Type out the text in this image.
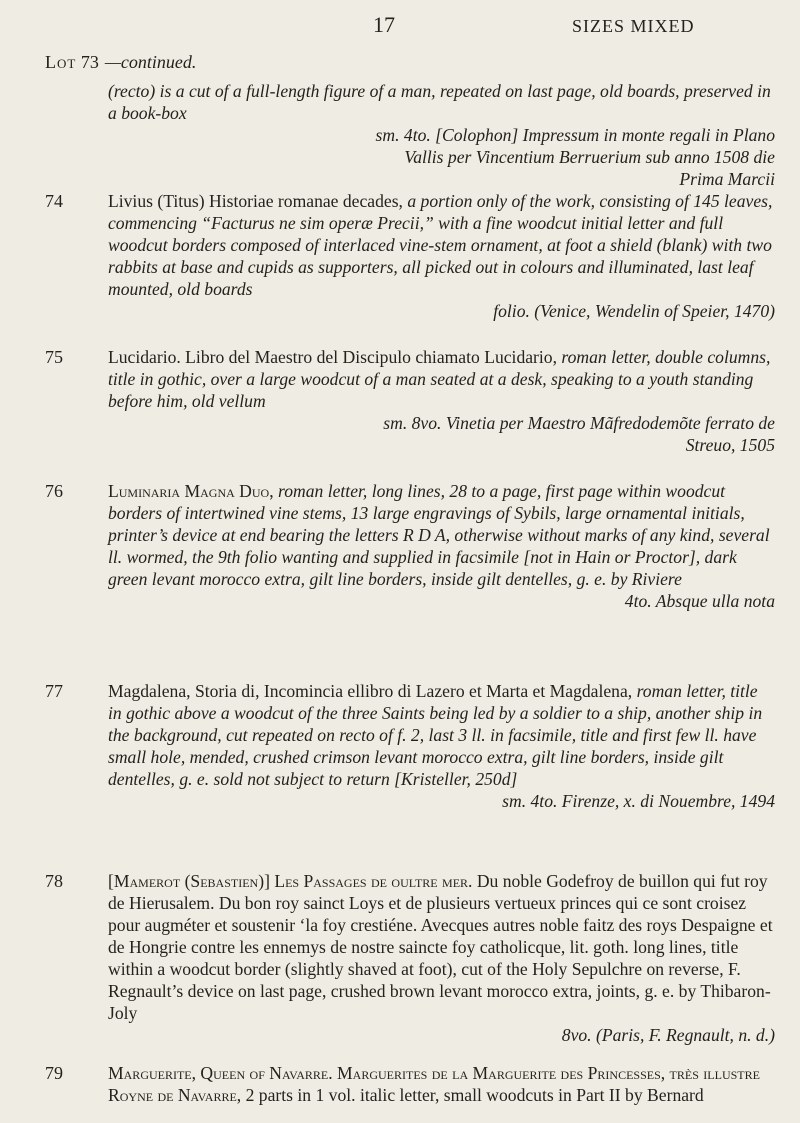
17	SIZES MIXED
Lot 73 —continued.
(recto) is a cut of a full-length figure of a man, repeated on last page, old boards, preserved in a book-box
sm. 4to. [Colophon] Impressum in monte regali in Plano
Vallis per Vincentium Berruerium sub anno 1508 die
Prima Marcii
74	Livius (Titus) Historiae romanae decades, a portion only of the work, consisting of 145 leaves, commencing “Facturus ne sim operæ Precii,” with a fine woodcut initial letter and full woodcut borders composed of interlaced vine-stem ornament, at foot a shield (blank) with two rabbits at base and cupids as supporters, all picked out in colours and illuminated, last leaf mounted, old boards
folio. (Venice, Wendelin of Speier, 1470)
75	Lucidario. Libro del Maestro del Discipulo chiamato Lucidario, roman letter, double columns, title in gothic, over a large woodcut of a man seated at a desk, speaking to a youth standing before him, old vellum
sm. 8vo. Vinetia per Maestro Mãfredodemõte ferrato de
Streuo, 1505
76	Luminaria Magna Duo, roman letter, long lines, 28 to a page, first page within woodcut borders of intertwined vine stems, 13 large engravings of Sybils, large ornamental initials, printer’s device at end bearing the letters R D A, otherwise without marks of any kind, several ll. wormed, the 9th folio wanting and supplied in facsimile [not in Hain or Proctor], dark green levant morocco extra, gilt line borders, inside gilt dentelles, g. e. by Riviere
4to. Absque ulla nota
77	Magdalena, Storia di, Incomincia ellibro di Lazero et Marta et Magdalena, roman letter, title in gothic above a woodcut of the three Saints being led by a soldier to a ship, another ship in the background, cut repeated on recto of f. 2, last 3 ll. in facsimile, title and first few ll. have small hole, mended, crushed crimson levant morocco extra, gilt line borders, inside gilt dentelles, g. e. sold not subject to return [Kristeller, 250d]
sm. 4to. Firenze, x. di Nouembre, 1494
78	[Mamerot (Sebastien)] Les Passages de oultre mer. Du noble Godefroy de buillon qui fut roy de Hierusalem. Du bon roy sainct Loys et de plusieurs vertueux princes qui ce sont croisez pour augméter et soustenir ‘la foy crestiéne. Avecques autres noble faitz des roys Despaigne et de Hongrie contre les ennemys de nostre saincte foy catholicque, lit. goth. long lines, title within a woodcut border (slightly shaved at foot), cut of the Holy Sepulchre on reverse, F. Regnault’s device on last page, crushed brown levant morocco extra, joints, g. e. by Thibaron-Joly
8vo. (Paris, F. Regnault, n. d.)
79	Marguerite, Queen of Navarre. Marguerites de la Marguerite des Princesses, très illustre Royne de Navarre, 2 parts in 1 vol. italic letter, small woodcuts in Part II by Bernard
